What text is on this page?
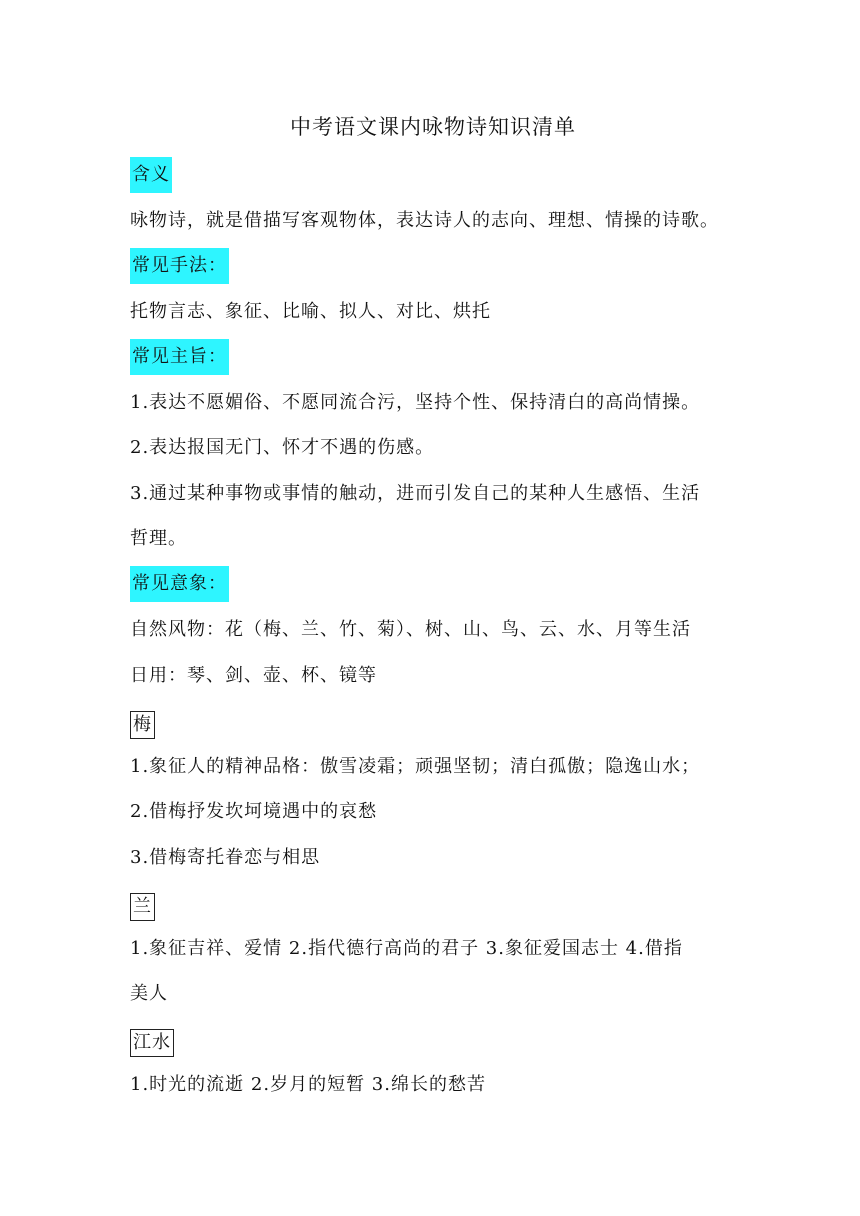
中考语文课内咏物诗知识清单
含义
咏物诗，就是借描写客观物体，表达诗人的志向、理想、情操的诗歌。
常见手法：
托物言志、象征、比喻、拟人、对比、烘托
常见主旨：
1.表达不愿媚俗、不愿同流合污，坚持个性、保持清白的高尚情操。
2.表达报国无门、怀才不遇的伤感。
3.通过某种事物或事情的触动，进而引发自己的某种人生感悟、生活
哲理。
常见意象：
自然风物：花（梅、兰、竹、菊）、树、山、鸟、云、水、月等生活
日用：琴、剑、壶、杯、镜等
梅
1.象征人的精神品格：傲雪凌霜；顽强坚韧；清白孤傲；隐逸山水；
2.借梅抒发坎坷境遇中的哀愁
3.借梅寄托眷恋与相思
兰
1.象征吉祥、爱情 2.指代德行高尚的君子 3.象征爱国志士 4.借指
美人
江水
1.时光的流逝 2.岁月的短暂 3.绵长的愁苦
